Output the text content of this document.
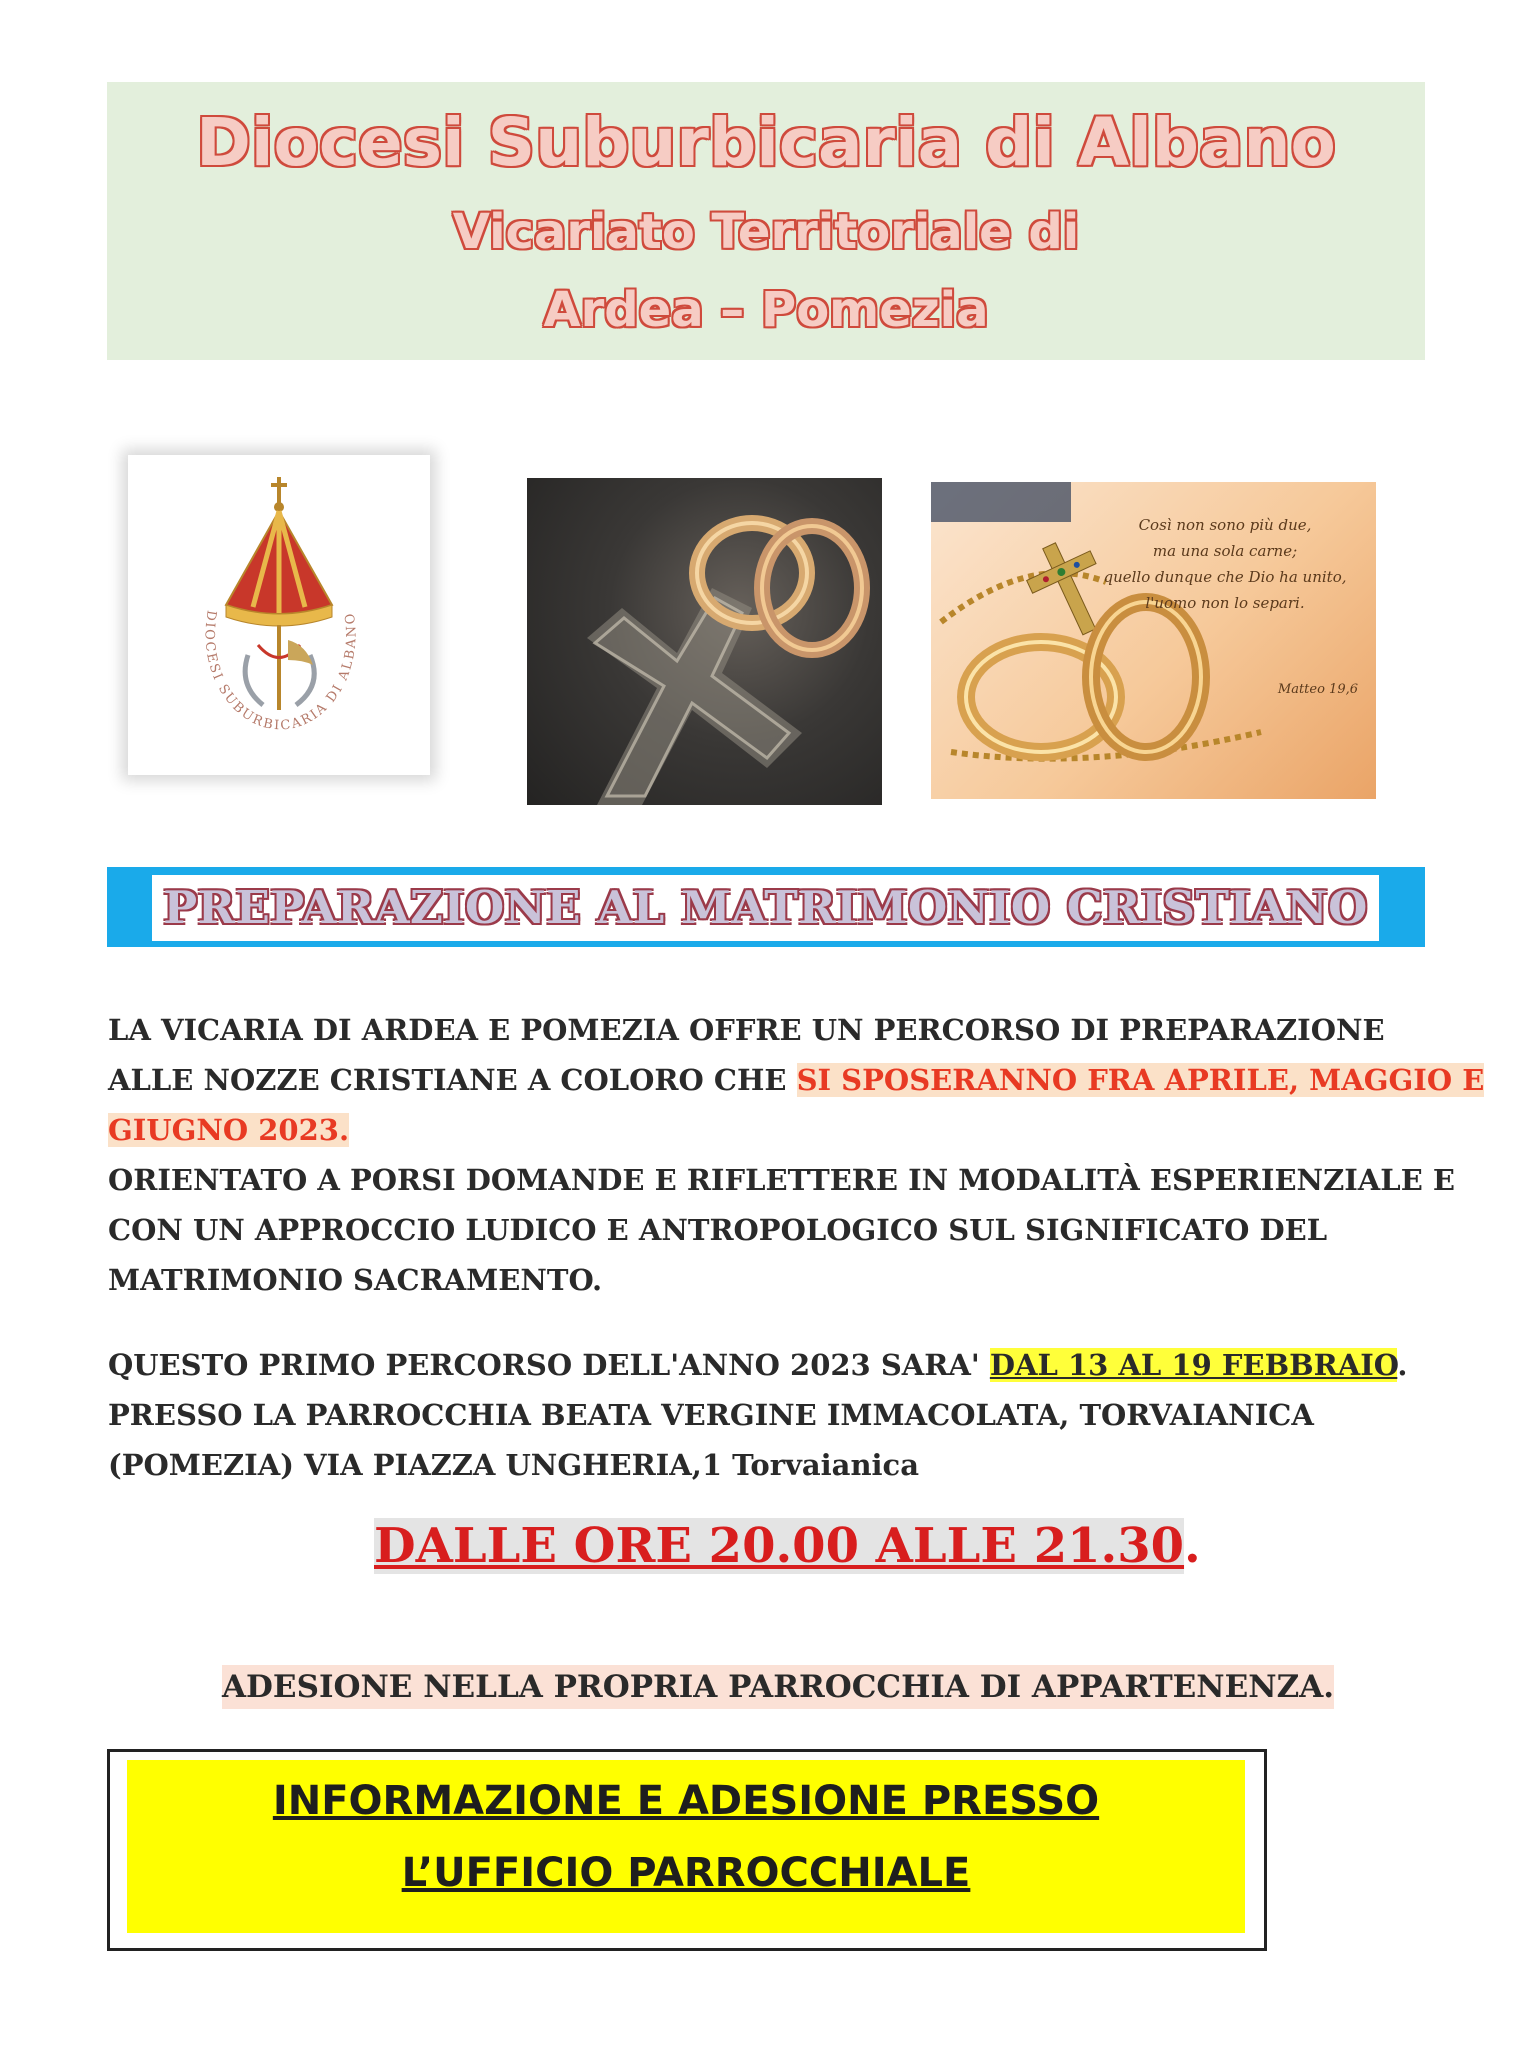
Diocesi Suburbicaria di Albano
Vicariato Territoriale di
Ardea – Pomezia
DIOCESI SUBURBICARIA DI ALBANO
Così non sono più due,
ma una sola carne;
quello dunque che Dio ha unito,
l'uomo non lo separi.
Matteo 19,6
PREPARAZIONE AL MATRIMONIO CRISTIANO
LA VICARIA DI ARDEA E POMEZIA OFFRE UN PERCORSO DI PREPARAZIONE
ALLE NOZZE CRISTIANE A COLORO CHE SI SPOSERANNO FRA APRILE, MAGGIO E
GIUGNO 2023.
ORIENTATO A PORSI DOMANDE E RIFLETTERE IN MODALITÀ ESPERIENZIALE E
CON UN APPROCCIO LUDICO E ANTROPOLOGICO SUL SIGNIFICATO DEL
MATRIMONIO SACRAMENTO.
QUESTO PRIMO PERCORSO DELL'ANNO 2023 SARA' DAL 13 AL 19 FEBBRAIO.
PRESSO LA PARROCCHIA BEATA VERGINE IMMACOLATA, TORVAIANICA
(POMEZIA) VIA PIAZZA UNGHERIA,1 Torvaianica
DALLE ORE 20.00 ALLE 21.30.
ADESIONE NELLA PROPRIA PARROCCHIA DI APPARTENENZA.
INFORMAZIONE E ADESIONE PRESSO
L’UFFICIO PARROCCHIALE
